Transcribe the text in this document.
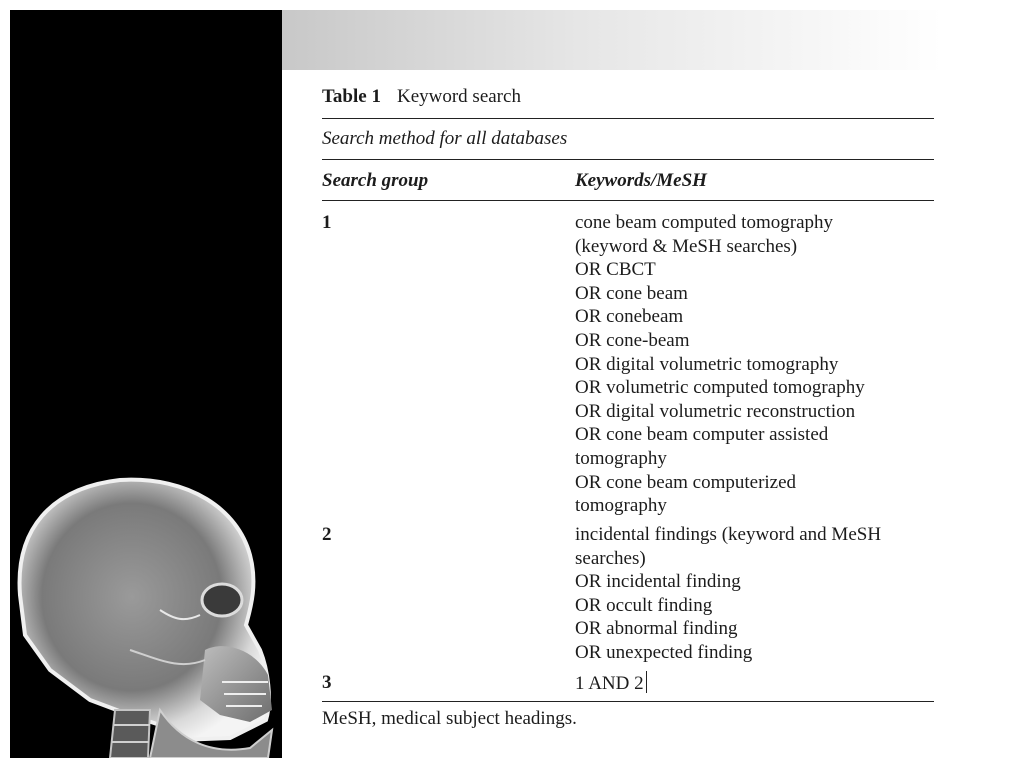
Table 1 Keyword search
Search method for all databases
Search group	Keywords/MeSH
1	cone beam computed tomography
(keyword & MeSH searches)
OR CBCT
OR cone beam
OR conebeam
OR cone-beam
OR digital volumetric tomography
OR volumetric computed tomography
OR digital volumetric reconstruction
OR cone beam computer assisted
tomography
OR cone beam computerized
tomography
2	incidental findings (keyword and MeSH
searches)
OR incidental finding
OR occult finding
OR abnormal finding
OR unexpected finding
3	1 AND 2
MeSH, medical subject headings.
